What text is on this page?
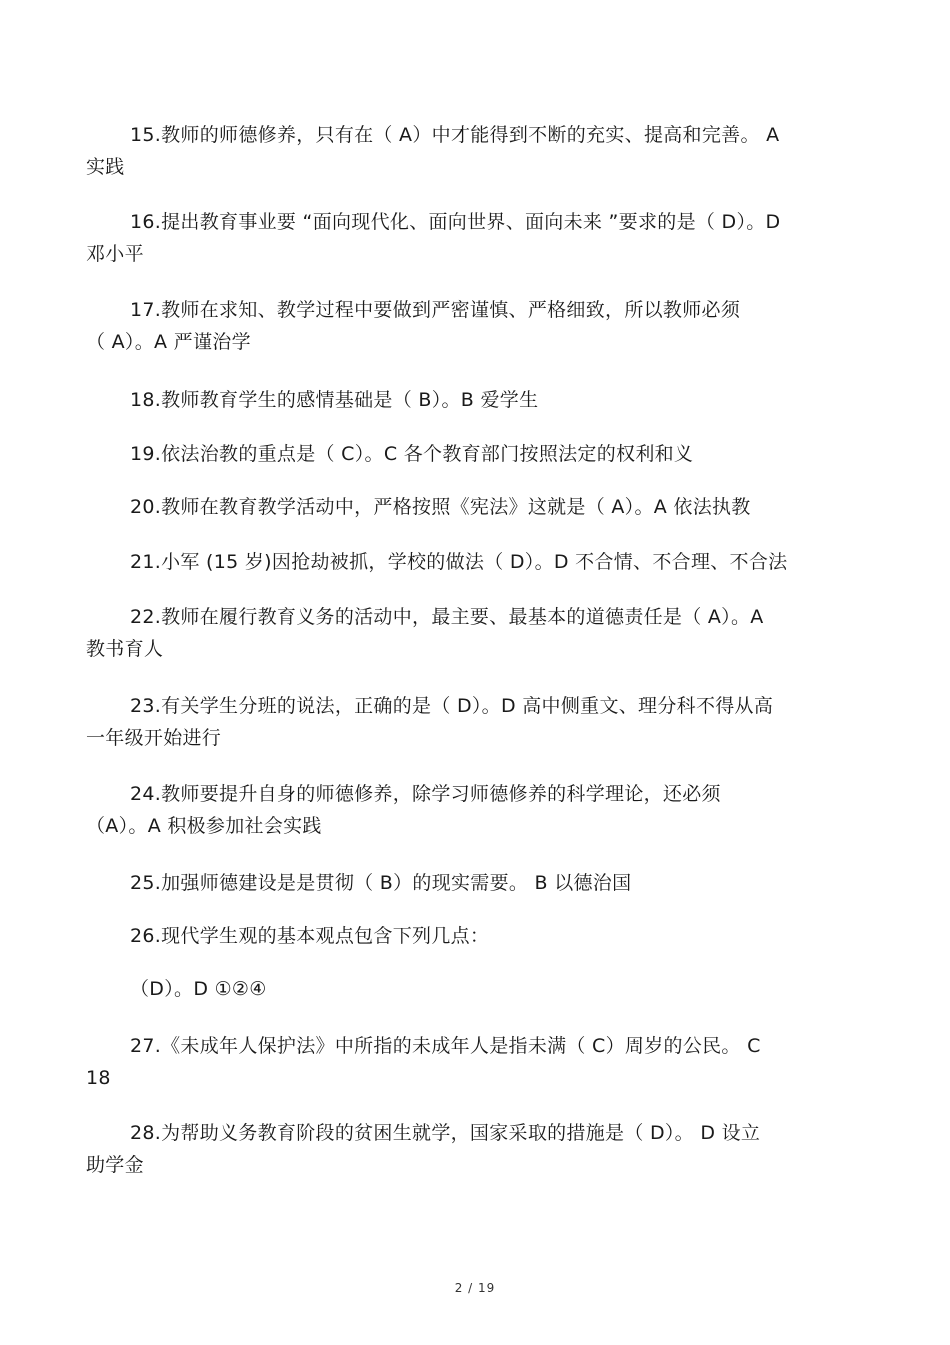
15.教师的师德修养，只有在（ A）中才能得到不断的充实、提高和完善。 A
实践
16.提出教育事业要 “面向现代化、面向世界、面向未来 ”要求的是（ D）。D
邓小平
17.教师在求知、教学过程中要做到严密谨慎、严格细致，所以教师必须
（ A）。A 严谨治学
18.教师教育学生的感情基础是（ B）。B 爱学生
19.依法治教的重点是（ C）。C 各个教育部门按照法定的权利和义
20.教师在教育教学活动中，严格按照《宪法》这就是（ A）。A 依法执教
21.小军 (15 岁)因抢劫被抓，学校的做法（ D）。D 不合情、不合理、不合法
22.教师在履行教育义务的活动中，最主要、最基本的道德责任是（ A）。A
教书育人
23.有关学生分班的说法，正确的是（ D）。D 高中侧重文、理分科不得从高
一年级开始进行
24.教师要提升自身的师德修养，除学习师德修养的科学理论，还必须
（A）。A 积极参加社会实践
25.加强师德建设是是贯彻（ B）的现实需要。 B 以德治国
26.现代学生观的基本观点包含下列几点：
（D）。D ①②④
27.《未成年人保护法》中所指的未成年人是指未满（ C）周岁的公民。 C
18
28.为帮助义务教育阶段的贫困生就学，国家采取的措施是（ D）。 D 设立
助学金
2 / 19
